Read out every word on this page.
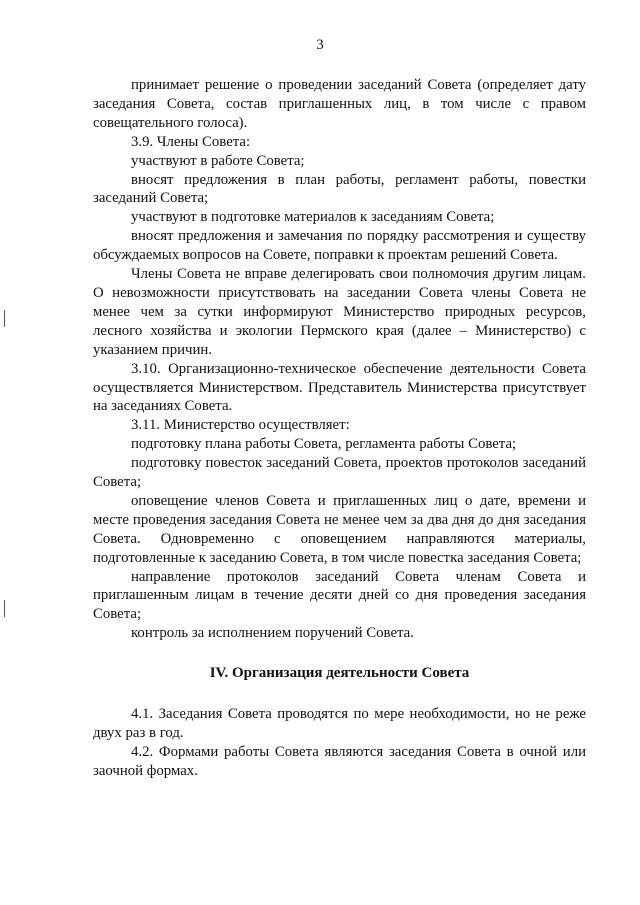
3

принимает решение о проведении заседаний Совета (определяет дату заседания Совета, состав приглашенных лиц, в том числе с правом совещательного голоса).

3.9. Члены Совета:

участвуют в работе Совета;

вносят предложения в план работы, регламент работы, повестки заседаний Совета;

участвуют в подготовке материалов к заседаниям Совета;

вносят предложения и замечания по порядку рассмотрения и существу обсуждаемых вопросов на Совете, поправки к проектам решений Совета.

Члены Совета не вправе делегировать свои полномочия другим лицам. О невозможности присутствовать на заседании Совета члены Совета не менее чем за сутки информируют Министерство природных ресурсов, лесного хозяйства и экологии Пермского края (далее – Министерство) с указанием причин.

3.10. Организационно-техническое обеспечение деятельности Совета осуществляется Министерством. Представитель Министерства присутствует на заседаниях Совета.

3.11. Министерство осуществляет:

подготовку плана работы Совета, регламента работы Совета;

подготовку повесток заседаний Совета, проектов протоколов заседаний Совета;

оповещение членов Совета и приглашенных лиц о дате, времени и месте проведения заседания Совета не менее чем за два дня до дня заседания Совета. Одновременно с оповещением направляются материалы, подготовленные к заседанию Совета, в том числе повестка заседания Совета;

направление протоколов заседаний Совета членам Совета и приглашенным лицам в течение десяти дней со дня проведения заседания Совета;

контроль за исполнением поручений Совета.

IV. Организация деятельности Совета

4.1. Заседания Совета проводятся по мере необходимости, но не реже двух раз в год.

4.2. Формами работы Совета являются заседания Совета в очной или заочной формах.
